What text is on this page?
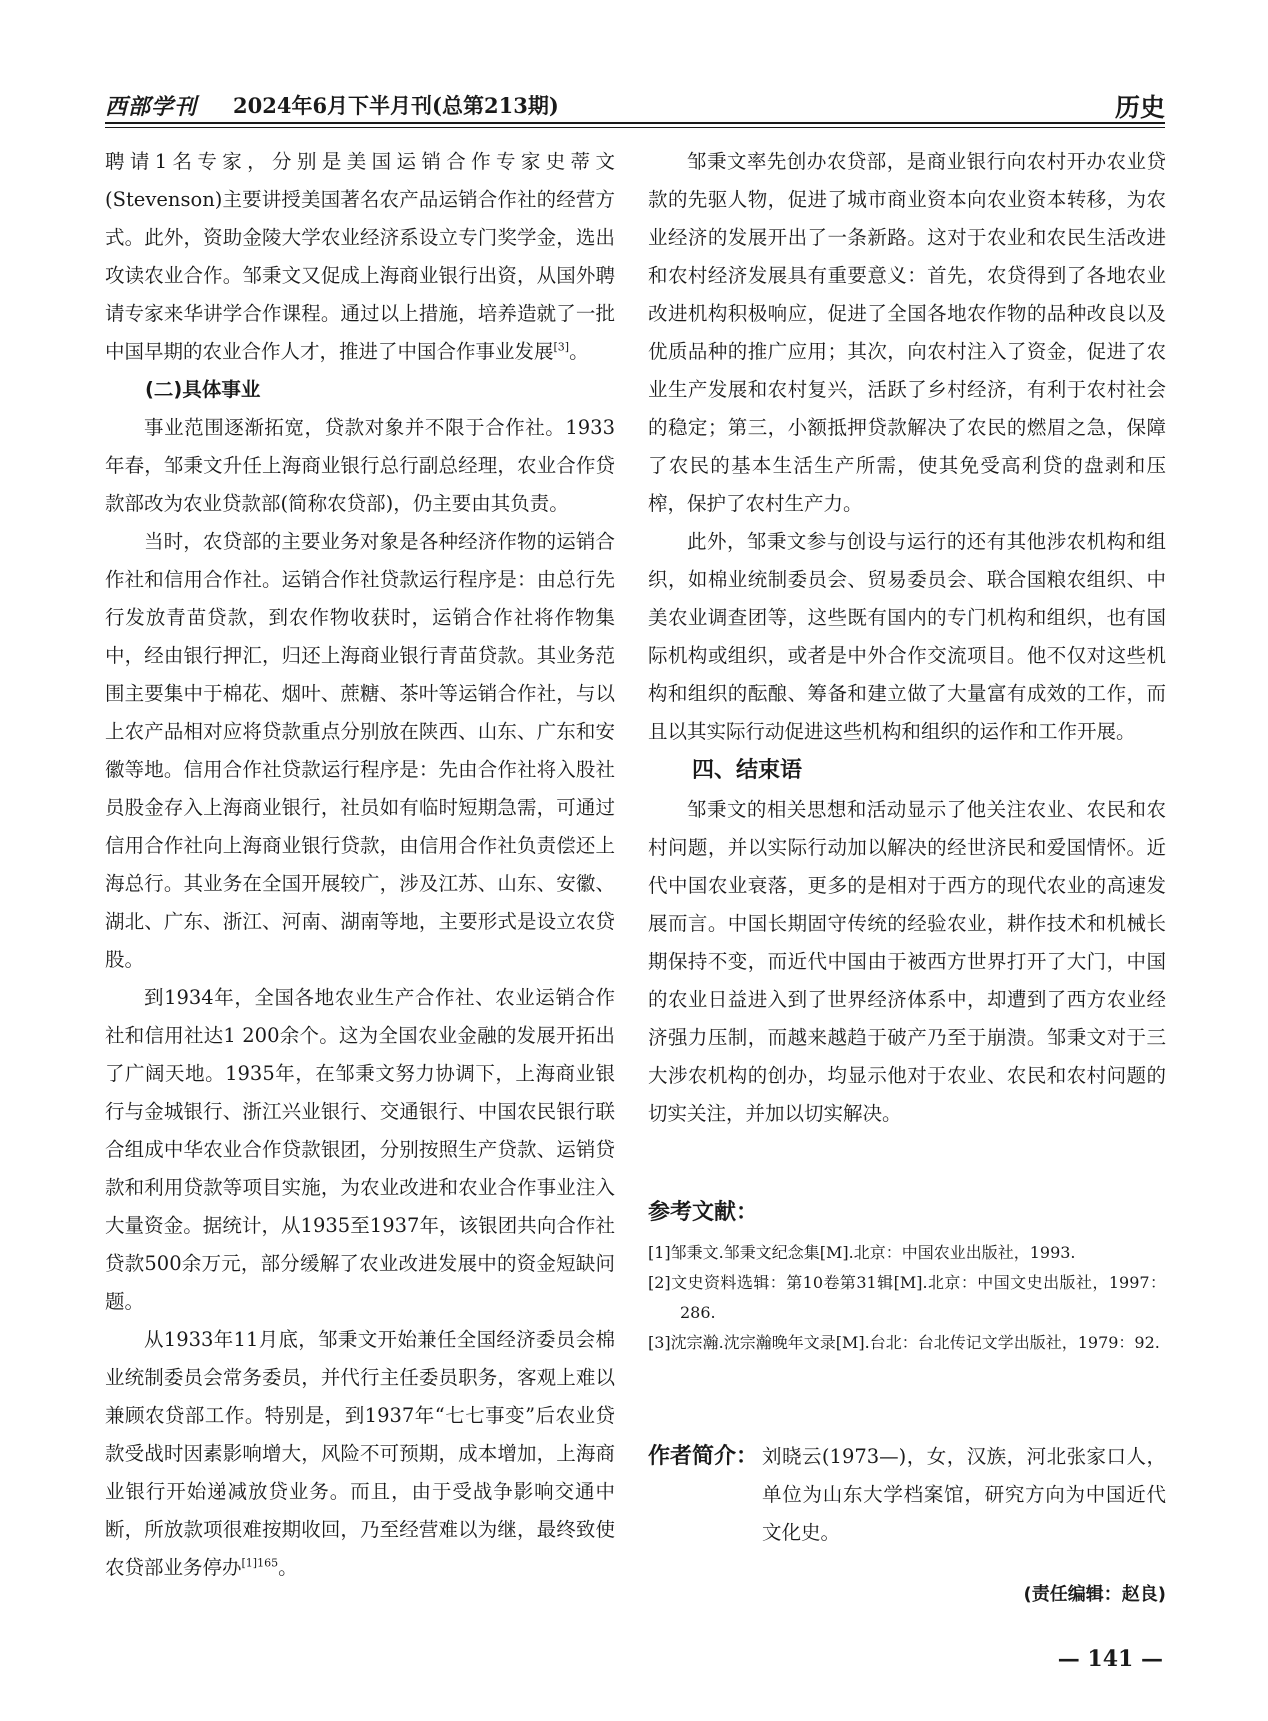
西部学刊 2024年6月下半月刊(总第213期)	历史

聘请1名专家，分别是美国运销合作专家史蒂文(Stevenson)主要讲授美国著名农产品运销合作社的经营方式。此外，资助金陵大学农业经济系设立专门奖学金，选出攻读农业合作。邹秉文又促成上海商业银行出资，从国外聘请专家来华讲学合作课程。通过以上措施，培养造就了一批中国早期的农业合作人才，推进了中国合作事业发展[3]。

(二)具体事业

事业范围逐渐拓宽，贷款对象并不限于合作社。1933年春，邹秉文升任上海商业银行总行副总经理，农业合作贷款部改为农业贷款部(简称农贷部)，仍主要由其负责。

当时，农贷部的主要业务对象是各种经济作物的运销合作社和信用合作社。运销合作社贷款运行程序是：由总行先行发放青苗贷款，到农作物收获时，运销合作社将作物集中，经由银行押汇，归还上海商业银行青苗贷款。其业务范围主要集中于棉花、烟叶、蔗糖、茶叶等运销合作社，与以上农产品相对应将贷款重点分别放在陕西、山东、广东和安徽等地。信用合作社贷款运行程序是：先由合作社将入股社员股金存入上海商业银行，社员如有临时短期急需，可通过信用合作社向上海商业银行贷款，由信用合作社负责偿还上海总行。其业务在全国开展较广，涉及江苏、山东、安徽、湖北、广东、浙江、河南、湖南等地，主要形式是设立农贷股。

到1934年，全国各地农业生产合作社、农业运销合作社和信用社达1 200余个。这为全国农业金融的发展开拓出了广阔天地。1935年，在邹秉文努力协调下，上海商业银行与金城银行、浙江兴业银行、交通银行、中国农民银行联合组成中华农业合作贷款银团，分别按照生产贷款、运销贷款和利用贷款等项目实施，为农业改进和农业合作事业注入大量资金。据统计，从1935至1937年，该银团共向合作社贷款500余万元，部分缓解了农业改进发展中的资金短缺问题。

从1933年11月底，邹秉文开始兼任全国经济委员会棉业统制委员会常务委员，并代行主任委员职务，客观上难以兼顾农贷部工作。特别是，到1937年“七七事变”后农业贷款受战时因素影响增大，风险不可预期，成本增加，上海商业银行开始递减放贷业务。而且，由于受战争影响交通中断，所放款项很难按期收回，乃至经营难以为继，最终致使农贷部业务停办$^{[1]165}$。

邹秉文率先创办农贷部，是商业银行向农村开办农业贷款的先驱人物，促进了城市商业资本向农业资本转移，为农业经济的发展开出了一条新路。这对于农业和农民生活改进和农村经济发展具有重要意义：首先，农贷得到了各地农业改进机构积极响应，促进了全国各地农作物的品种改良以及优质品种的推广应用；其次，向农村注入了资金，促进了农业生产发展和农村复兴，活跃了乡村经济，有利于农村社会的稳定；第三，小额抵押贷款解决了农民的燃眉之急，保障了农民的基本生活生产所需，使其免受高利贷的盘剥和压榨，保护了农村生产力。

此外，邹秉文参与创设与运行的还有其他涉农机构和组织，如棉业统制委员会、贸易委员会、联合国粮农组织、中美农业调查团等，这些既有国内的专门机构和组织，也有国际机构或组织，或者是中外合作交流项目。他不仅对这些机构和组织的酝酿、筹备和建立做了大量富有成效的工作，而且以其实际行动促进这些机构和组织的运作和工作开展。

四、结束语

邹秉文的相关思想和活动显示了他关注农业、农民和农村问题，并以实际行动加以解决的经世济民和爱国情怀。近代中国农业衰落，更多的是相对于西方的现代农业的高速发展而言。中国长期固守传统的经验农业，耕作技术和机械长期保持不变，而近代中国由于被西方世界打开了大门，中国的农业日益进入到了世界经济体系中，却遭到了西方农业经济强力压制，而越来越趋于破产乃至于崩溃。邹秉文对于三大涉农机构的创办，均显示他对于农业、农民和农村问题的切实关注，并加以切实解决。

参考文献：
[1]邹秉文.邹秉文纪念集[M].北京：中国农业出版社，1993.
[2]文史资料选辑：第10卷第31辑[M].北京：中国文史出版社，1997：286.
[3]沈宗瀚.沈宗瀚晚年文录[M].台北：台北传记文学出版社，1979：92.
作者简介： 刘晓云(1973—)，女，汉族，河北张家口人，单位为山东大学档案馆，研究方向为中国近代文化史。
(责任编辑：赵良)
— 141 —
